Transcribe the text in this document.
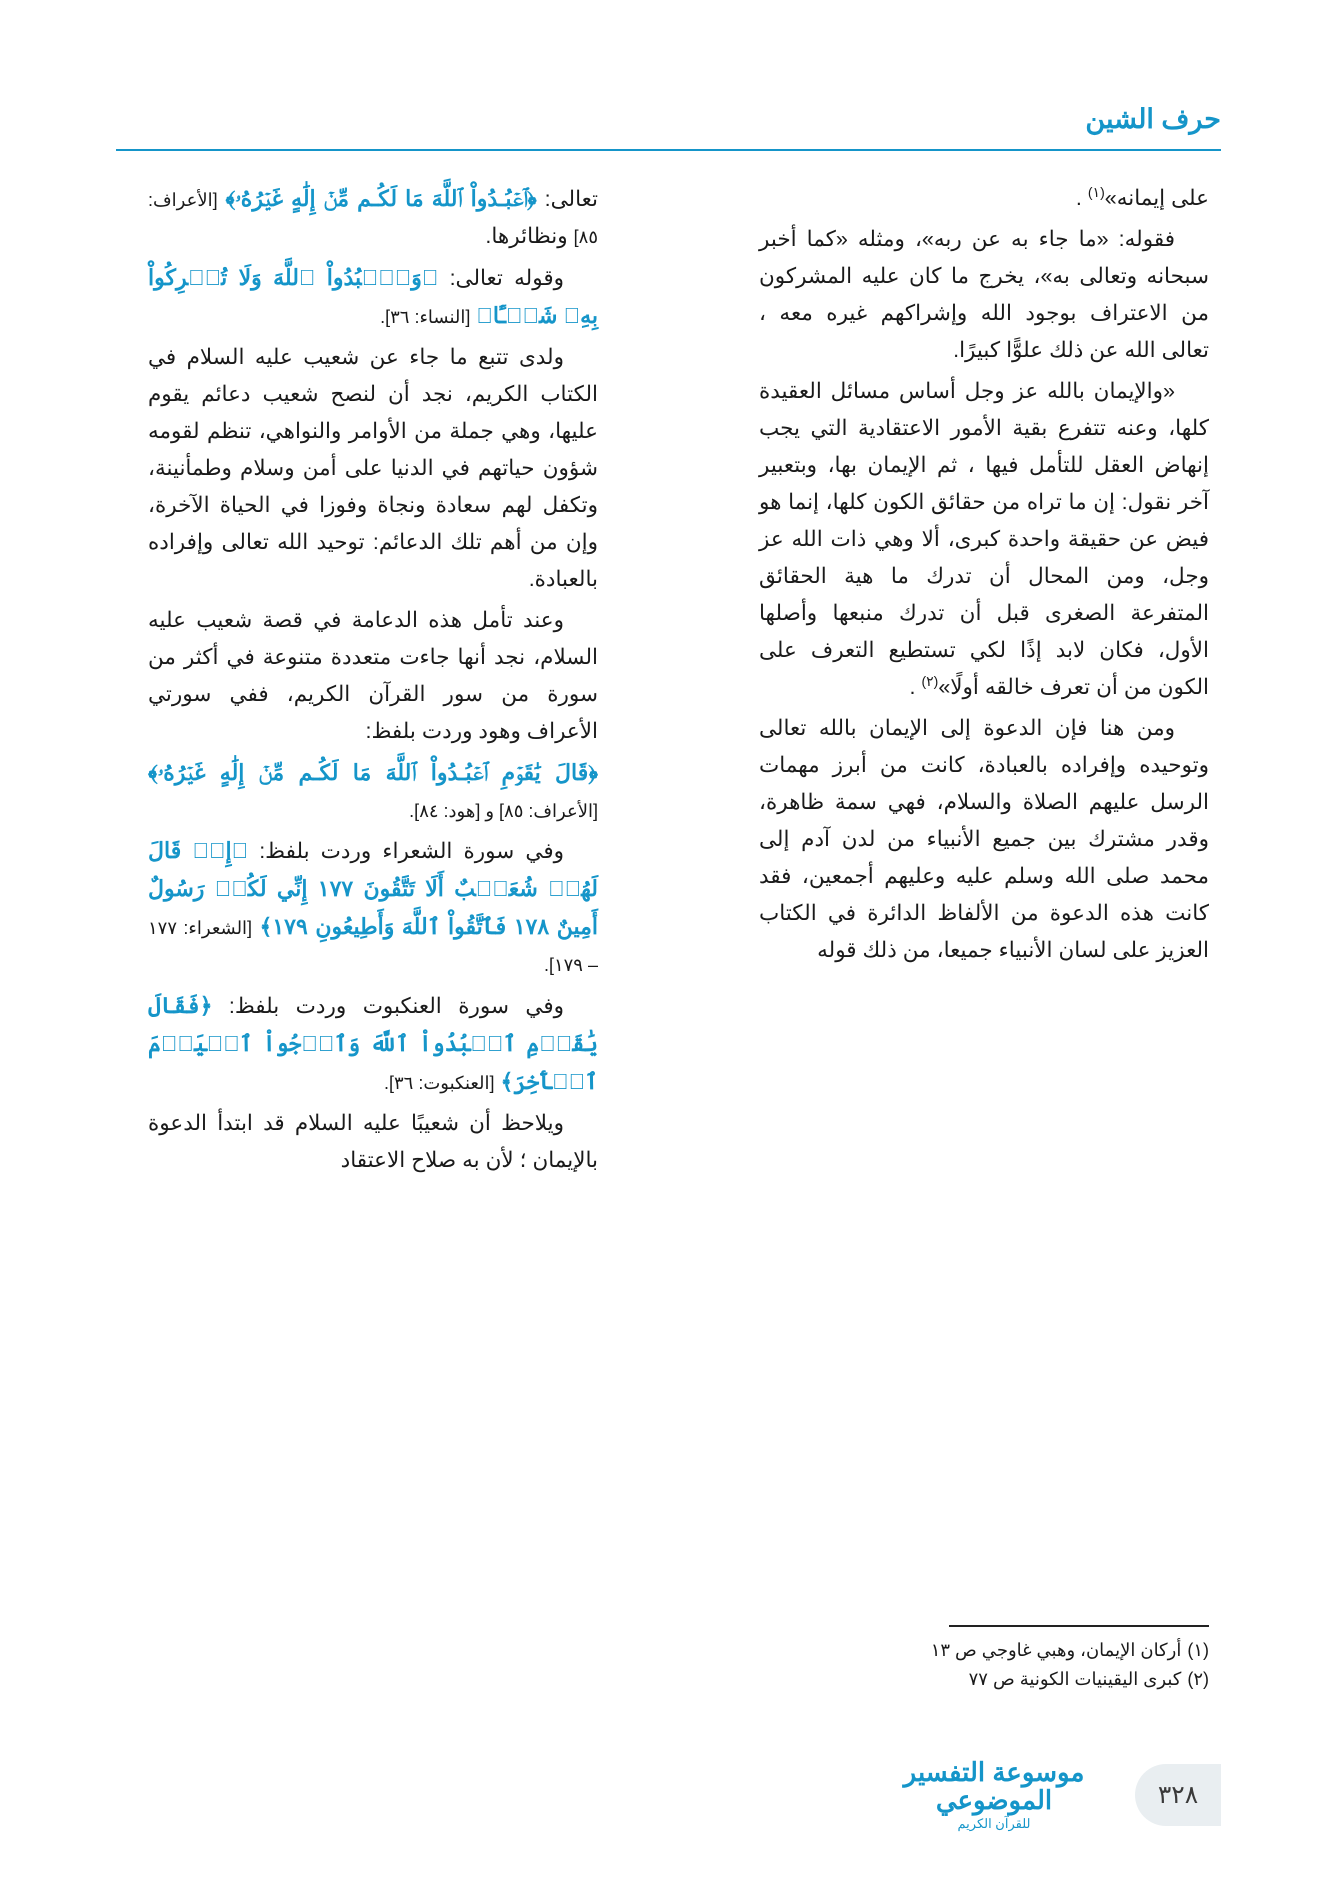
حرف الشين

على إيمانه»$^{(١)}$ .

فقوله: «ما جاء به عن ربه»، ومثله «كما أخبر سبحانه وتعالى به»، يخرج ما كان عليه المشركون من الاعتراف بوجود الله وإشراكهم غيره معه ، تعالى الله عن ذلك علوًّا كبيرًا.

«والإيمان بالله عز وجل أساس مسائل العقيدة كلها، وعنه تتفرع بقية الأمور الاعتقادية التي يجب إنهاض العقل للتأمل فيها ، ثم الإيمان بها، وبتعبير آخر نقول: إن ما تراه من حقائق الكون كلها، إنما هو فيض عن حقيقة واحدة كبرى، ألا وهي ذات الله عز وجل، ومن المحال أن تدرك ما هية الحقائق المتفرعة الصغرى قبل أن تدرك منبعها وأصلها الأول، فكان لابد إذًا لكي تستطيع التعرف على الكون من أن تعرف خالقه أولًا»$^{(٢)}$ .

ومن هنا فإن الدعوة إلى الإيمان بالله تعالى وتوحيده وإفراده بالعبادة، كانت من أبرز مهمات الرسل عليهم الصلاة والسلام، فهي سمة ظاهرة، وقدر مشترك بين جميع الأنبياء من لدن آدم إلى محمد صلى الله وسلم عليه وعليهم أجمعين، فقد كانت هذه الدعوة من الألفاظ الدائرة في الكتاب العزيز على لسان الأنبياء جميعا، من ذلك قوله

تعالى: ﴿ٱعۡبُـدُواْ ٱللَّهَ مَا لَكُـم مِّنۡ إِلَٰهٍ غَيۡرُهُۥ﴾ [الأعراف: ٨٥] ونظائرها.

وقوله تعالى: ﴿وَٱعۡبُدُواْ ٱللَّهَ وَلَا تُشۡرِكُواْ بِهِۦ شَيۡـًٔا﴾ [النساء: ٣٦].

ولدى تتبع ما جاء عن شعيب عليه السلام في الكتاب الكريم، نجد أن لنصح شعيب دعائم يقوم عليها، وهي جملة من الأوامر والنواهي، تنظم لقومه شؤون حياتهم في الدنيا على أمن وسلام وطمأنينة، وتكفل لهم سعادة ونجاة وفوزا في الحياة الآخرة، وإن من أهم تلك الدعائم: توحيد الله تعالى وإفراده بالعبادة.

وعند تأمل هذه الدعامة في قصة شعيب عليه السلام، نجد أنها جاءت متعددة متنوعة في أكثر من سورة من سور القرآن الكريم، ففي سورتي الأعراف وهود وردت بلفظ:

﴿قَالَ يَٰقَوۡمِ ٱعۡبُـدُواْ ٱللَّهَ مَا لَكُـم مِّنۡ إِلَٰهٍ غَيۡرُهُۥ﴾ [الأعراف: ٨٥] و [هود: ٨٤].

وفي سورة الشعراء وردت بلفظ: ﴿إِذۡ قَالَ لَهُمۡ شُعَيۡبٌ أَلَا تَتَّقُونَ ١٧٧ إِنِّي لَكُمۡ رَسُولٌ أَمِينٌ ١٧٨ فَٱتَّقُواْ ٱللَّهَ وَأَطِيعُونِ ١٧٩﴾ [الشعراء: ١٧٧ – ١٧٩].

وفي سورة العنكبوت وردت بلفظ: ﴿فَقَالَ يَٰقَوۡمِ ٱعۡبُدُواْ ٱللَّهَ وَٱرۡجُواْ ٱلۡيَوۡمَ ٱلۡأٓخِرَ﴾ [العنكبوت: ٣٦].

ويلاحظ أن شعيبًا عليه السلام قد ابتدأ الدعوة بالإيمان ؛ لأن به صلاح الاعتقاد

(١)
أركان الإيمان، وهبي غاوجي ص ١٣
(٢)
كبرى اليقينيات الكونية ص ٧٧
موسوعة التفسير الموضوعي
للقرآن الكريم
٣٢٨
